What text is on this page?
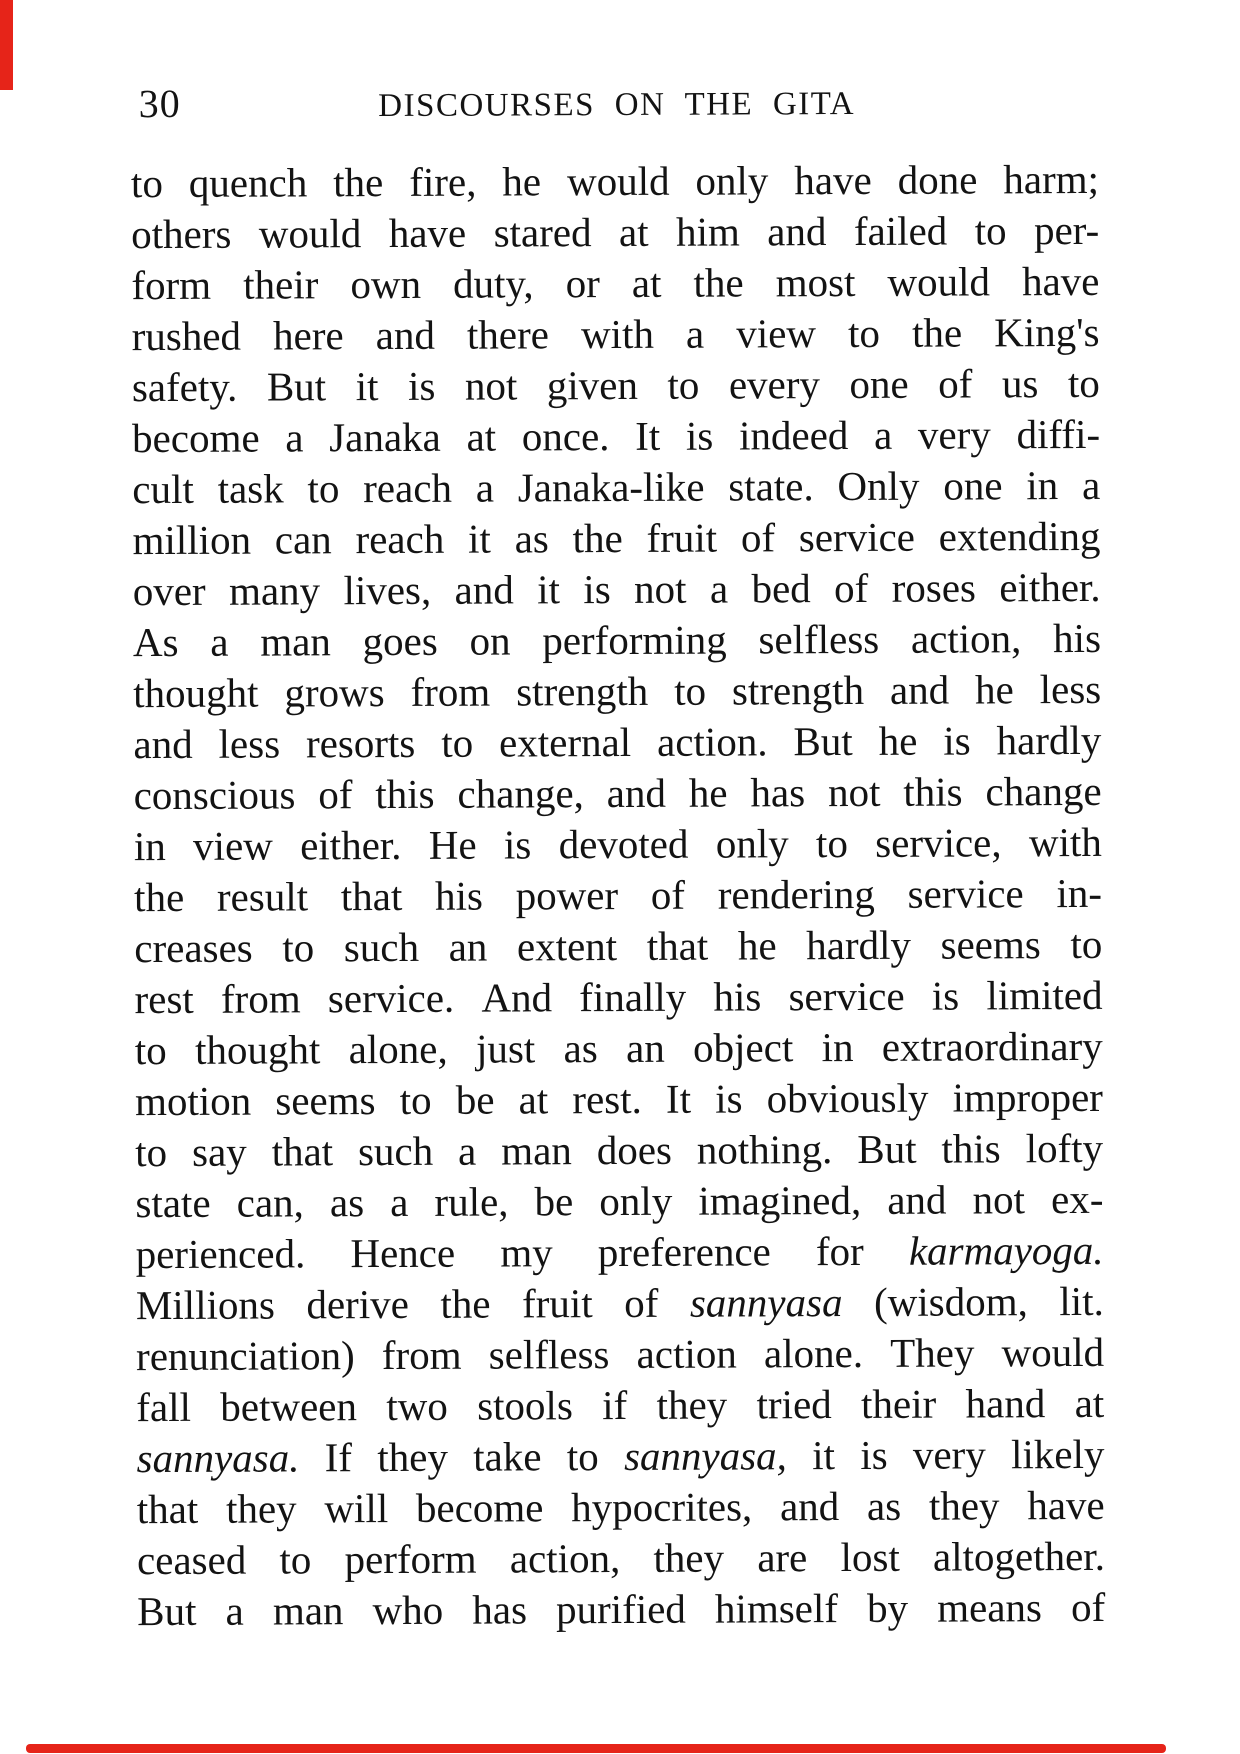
30	DISCOURSES ON THE GITA
to quench the fire, he would only have done harm;
others would have stared at him and failed to per-
form their own duty, or at the most would have
rushed here and there with a view to the King's
safety. But it is not given to every one of us to
become a Janaka at once. It is indeed a very diffi-
cult task to reach a Janaka-like state. Only one in a
million can reach it as the fruit of service extending
over many lives, and it is not a bed of roses either.
As a man goes on performing selfless action, his
thought grows from strength to strength and he less
and less resorts to external action. But he is hardly
conscious of this change, and he has not this change
in view either. He is devoted only to service, with
the result that his power of rendering service in-
creases to such an extent that he hardly seems to
rest from service. And finally his service is limited
to thought alone, just as an object in extraordinary
motion seems to be at rest. It is obviously improper
to say that such a man does nothing. But this lofty
state can, as a rule, be only imagined, and not ex-
perienced. Hence my preference for karmayoga.
Millions derive the fruit of sannyasa (wisdom, lit.
renunciation) from selfless action alone. They would
fall between two stools if they tried their hand at
sannyasa. If they take to sannyasa, it is very likely
that they will become hypocrites, and as they have
ceased to perform action, they are lost altogether.
But a man who has purified himself by means of
